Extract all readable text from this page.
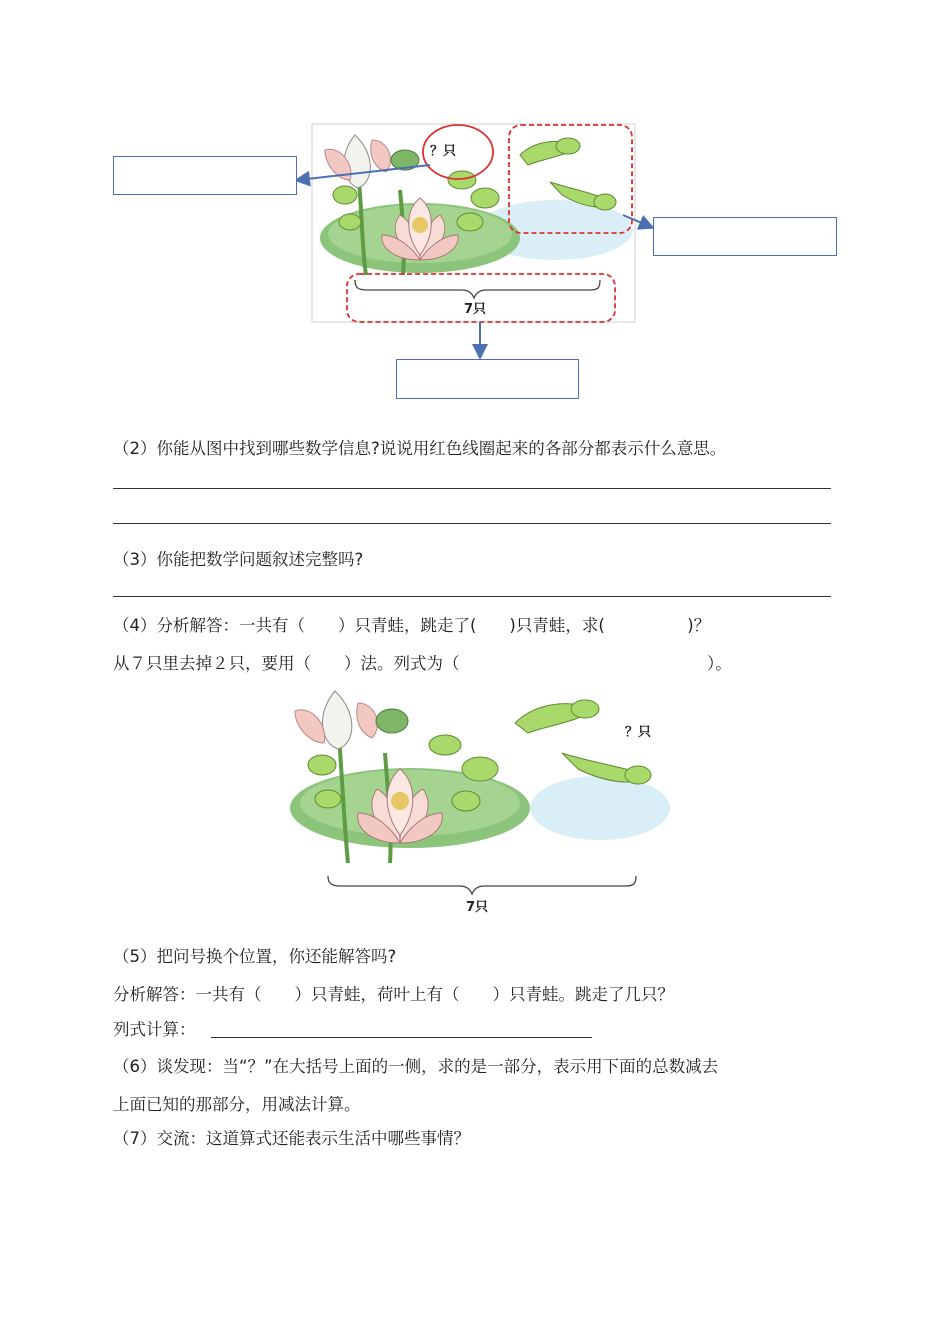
？只
7只
（2）你能从图中找到哪些数学信息?说说用红色线圈起来的各部分都表示什么意思。
（3）你能把数学问题叙述完整吗?
（4）分析解答：一共有（　　）只青蛙，跳走了(　　)只青蛙，求(　　　　　)？
从７只里去掉２只，要用（　　）法。列式为（　　　　　　　　　　　　　　　）。
？只
7只
（5）把问号换个位置，你还能解答吗?
分析解答：一共有（　　）只青蛙，荷叶上有（　　）只青蛙。跳走了几只？
列式计算：
（6）谈发现：当“？”在大括号上面的一侧，求的是一部分，表示用下面的总数减去
上面已知的那部分，用减法计算。
（7）交流：这道算式还能表示生活中哪些事情？
